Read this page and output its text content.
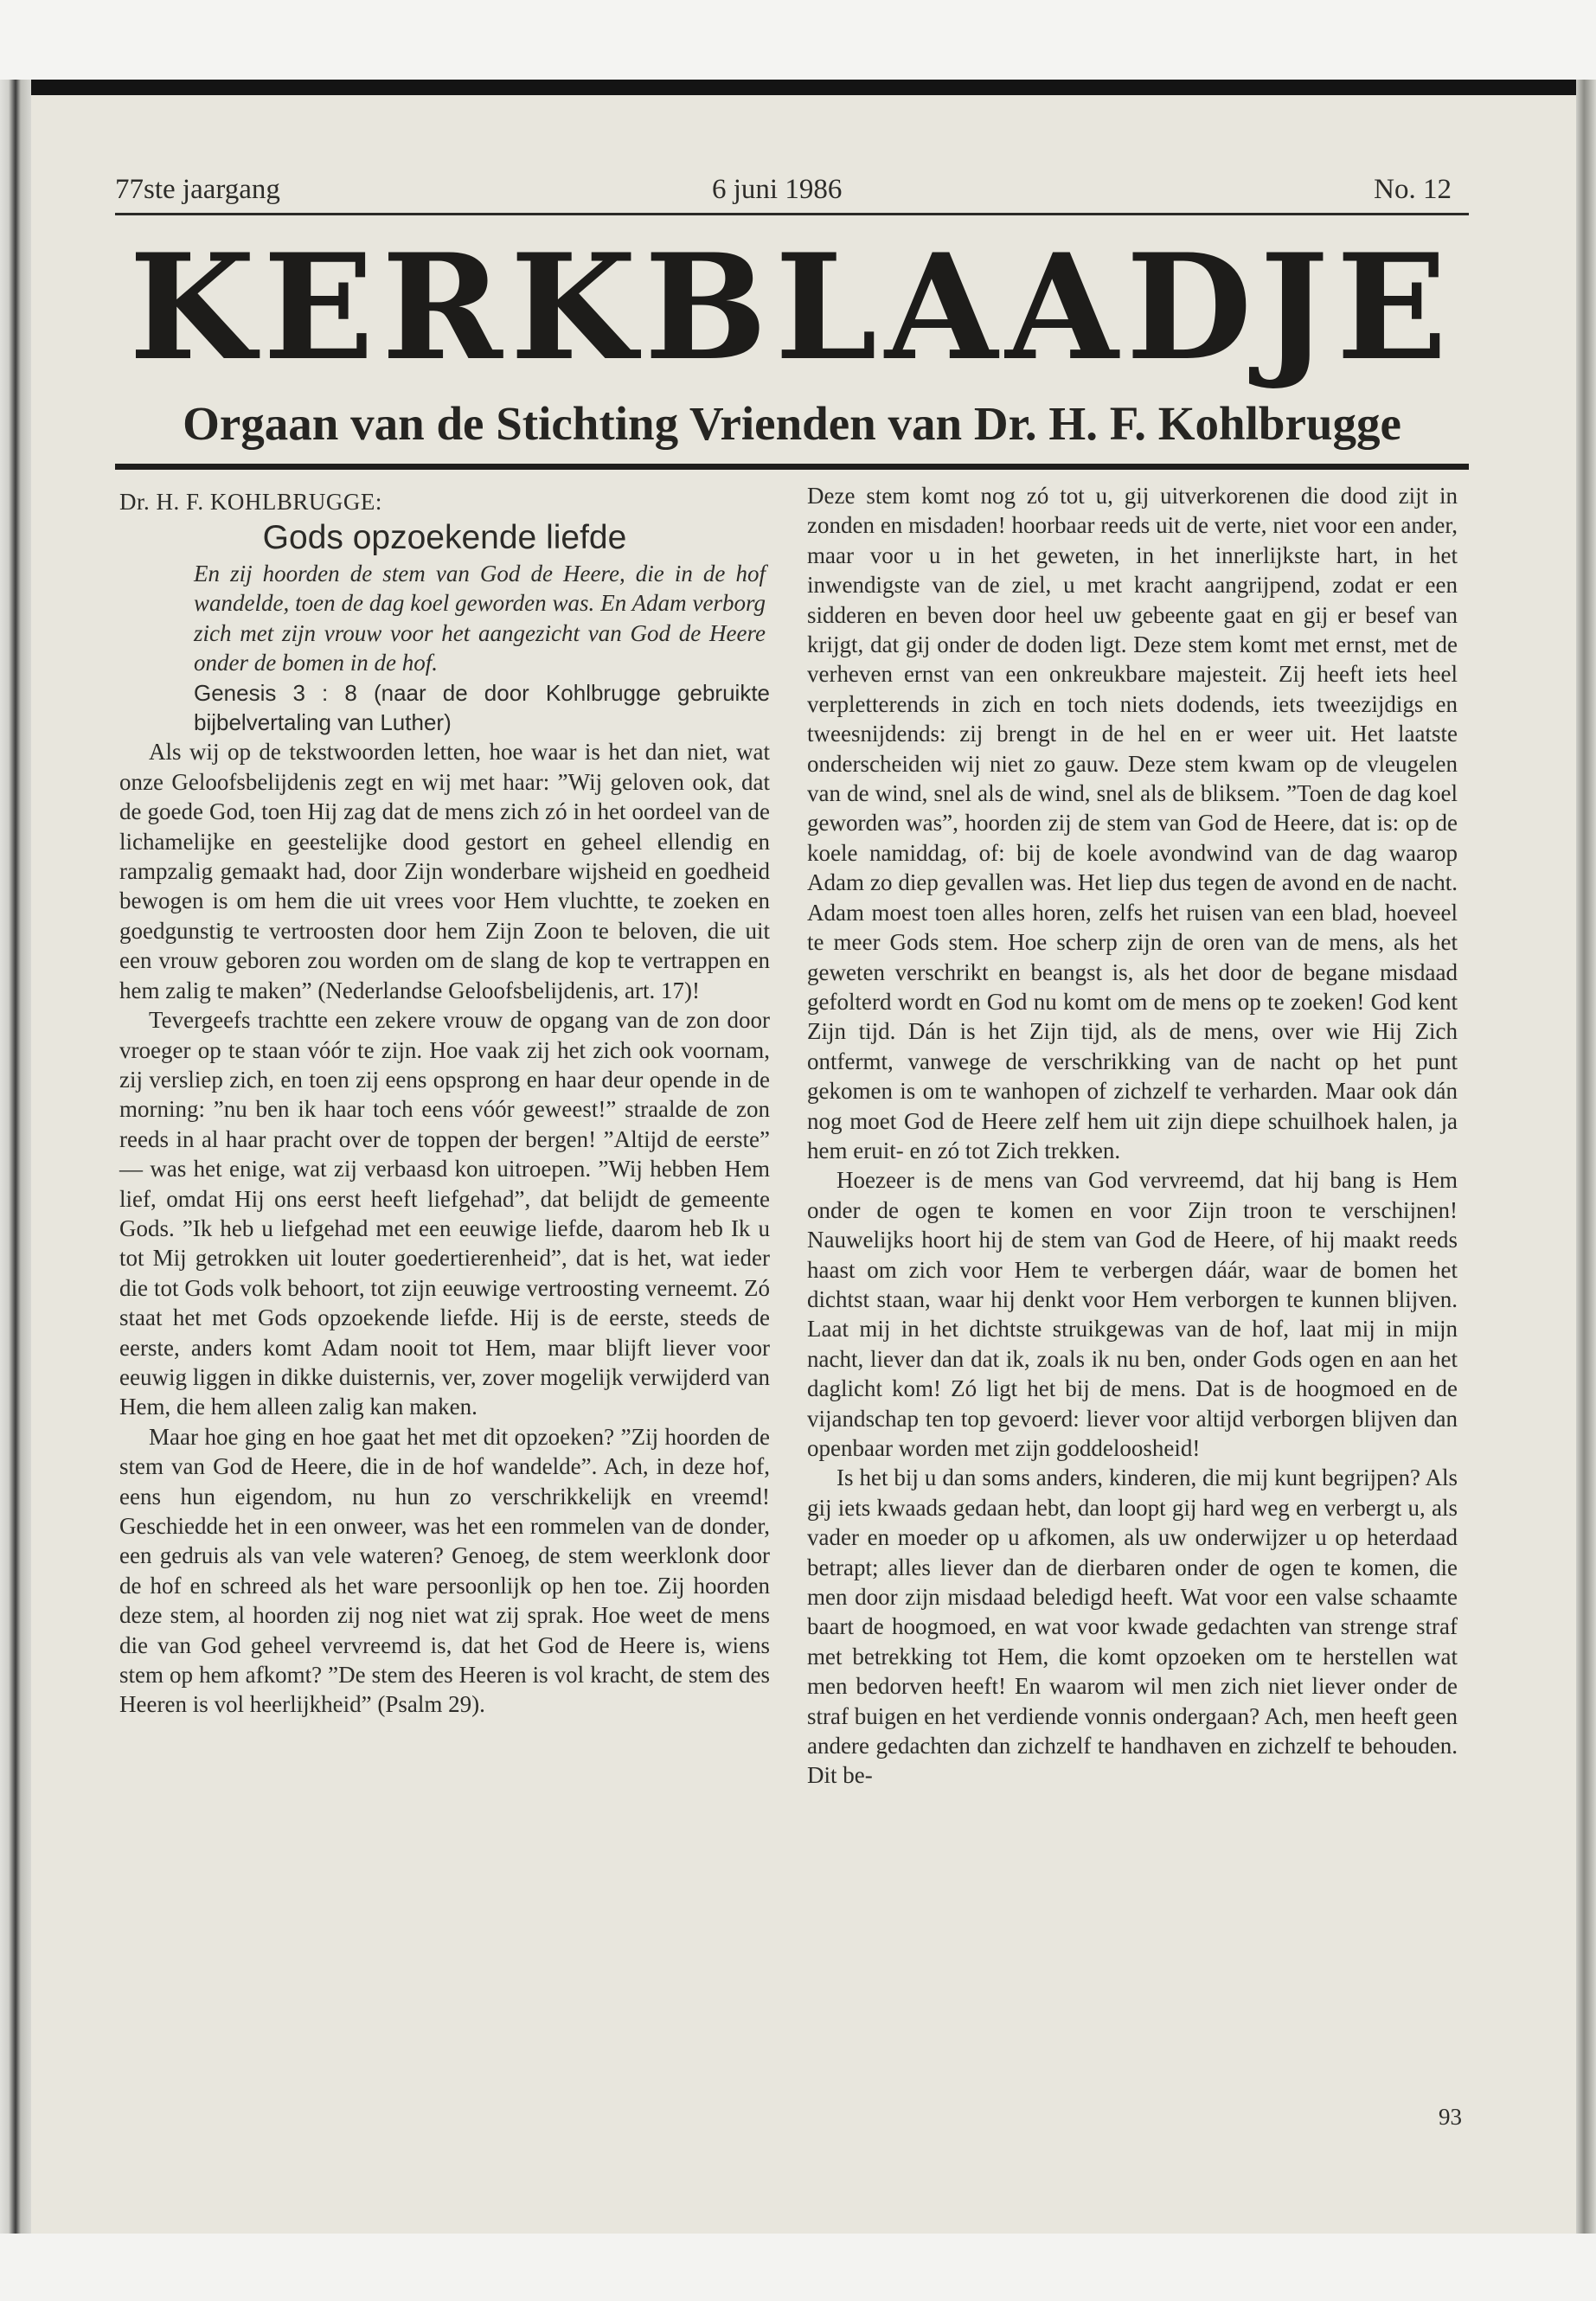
77ste jaargang	6 juni 1986	No. 12
KERKBLAADJE
Orgaan van de Stichting Vrienden van Dr. H. F. Kohlbrugge

Dr. H. F. KOHLBRUGGE:

Gods opzoekende liefde

En zij hoorden de stem van God de Heere, die in de hof wandelde, toen de dag koel geworden was. En Adam verborg zich met zijn vrouw voor het aangezicht van God de Heere onder de bomen in de hof.

Genesis 3 : 8 (naar de door Kohlbrugge gebruikte bijbelvertaling van Luther)

Als wij op de tekstwoorden letten, hoe waar is het dan niet, wat onze Geloofsbelijdenis zegt en wij met haar: ”Wij geloven ook, dat de goede God, toen Hij zag dat de mens zich zó in het oordeel van de lichamelijke en geestelijke dood gestort en geheel ellendig en rampzalig gemaakt had, door Zijn wonderbare wijsheid en goedheid bewogen is om hem die uit vrees voor Hem vluchtte, te zoeken en goedgunstig te vertroosten door hem Zijn Zoon te beloven, die uit een vrouw geboren zou worden om de slang de kop te vertrappen en hem zalig te maken” (Nederlandse Geloofsbelijdenis, art. 17)!

Tevergeefs trachtte een zekere vrouw de opgang van de zon door vroeger op te staan vóór te zijn. Hoe vaak zij het zich ook voornam, zij versliep zich, en toen zij eens opsprong en haar deur opende in de morning: ”nu ben ik haar toch eens vóór geweest!” straalde de zon reeds in al haar pracht over de toppen der bergen! ”Altijd de eerste” — was het enige, wat zij verbaasd kon uitroepen. ”Wij hebben Hem lief, omdat Hij ons eerst heeft liefgehad”, dat belijdt de gemeente Gods. ”Ik heb u liefgehad met een eeuwige liefde, daarom heb Ik u tot Mij getrokken uit louter goedertierenheid”, dat is het, wat ieder die tot Gods volk behoort, tot zijn eeuwige vertroosting verneemt. Zó staat het met Gods opzoekende liefde. Hij is de eerste, steeds de eerste, anders komt Adam nooit tot Hem, maar blijft liever voor eeuwig liggen in dikke duisternis, ver, zover mogelijk verwijderd van Hem, die hem alleen zalig kan maken.

Maar hoe ging en hoe gaat het met dit opzoeken? ”Zij hoorden de stem van God de Heere, die in de hof wandelde”. Ach, in deze hof, eens hun eigendom, nu hun zo verschrikkelijk en vreemd! Geschiedde het in een onweer, was het een rommelen van de donder, een gedruis als van vele wateren? Genoeg, de stem weerklonk door de hof en schreed als het ware persoonlijk op hen toe. Zij hoorden deze stem, al hoorden zij nog niet wat zij sprak. Hoe weet de mens die van God geheel vervreemd is, dat het God de Heere is, wiens stem op hem afkomt? ”De stem des Heeren is vol kracht, de stem des Heeren is vol heerlijkheid” (Psalm 29).

Deze stem komt nog zó tot u, gij uitverkorenen die dood zijt in zonden en misdaden! hoorbaar reeds uit de verte, niet voor een ander, maar voor u in het geweten, in het innerlijkste hart, in het inwendigste van de ziel, u met kracht aangrijpend, zodat er een sidderen en beven door heel uw gebeente gaat en gij er besef van krijgt, dat gij onder de doden ligt. Deze stem komt met ernst, met de verheven ernst van een onkreukbare majesteit. Zij heeft iets heel verpletterends in zich en toch niets dodends, iets tweezijdigs en tweesnijdends: zij brengt in de hel en er weer uit. Het laatste onderscheiden wij niet zo gauw. Deze stem kwam op de vleugelen van de wind, snel als de wind, snel als de bliksem. ”Toen de dag koel geworden was”, hoorden zij de stem van God de Heere, dat is: op de koele namiddag, of: bij de koele avondwind van de dag waarop Adam zo diep gevallen was. Het liep dus tegen de avond en de nacht. Adam moest toen alles horen, zelfs het ruisen van een blad, hoeveel te meer Gods stem. Hoe scherp zijn de oren van de mens, als het geweten verschrikt en beangst is, als het door de begane misdaad gefolterd wordt en God nu komt om de mens op te zoeken! God kent Zijn tijd. Dán is het Zijn tijd, als de mens, over wie Hij Zich ontfermt, vanwege de verschrikking van de nacht op het punt gekomen is om te wanhopen of zichzelf te verharden. Maar ook dán nog moet God de Heere zelf hem uit zijn diepe schuilhoek halen, ja hem eruit- en zó tot Zich trekken.

Hoezeer is de mens van God vervreemd, dat hij bang is Hem onder de ogen te komen en voor Zijn troon te verschijnen! Nauwelijks hoort hij de stem van God de Heere, of hij maakt reeds haast om zich voor Hem te verbergen dáár, waar de bomen het dichtst staan, waar hij denkt voor Hem verborgen te kunnen blijven. Laat mij in het dichtste struikgewas van de hof, laat mij in mijn nacht, liever dan dat ik, zoals ik nu ben, onder Gods ogen en aan het daglicht kom! Zó ligt het bij de mens. Dat is de hoogmoed en de vijandschap ten top gevoerd: liever voor altijd verborgen blijven dan openbaar worden met zijn goddeloosheid!

Is het bij u dan soms anders, kinderen, die mij kunt begrijpen? Als gij iets kwaads gedaan hebt, dan loopt gij hard weg en verbergt u, als vader en moeder op u afkomen, als uw onderwijzer u op heterdaad betrapt; alles liever dan de dierbaren onder de ogen te komen, die men door zijn misdaad beledigd heeft. Wat voor een valse schaamte baart de hoogmoed, en wat voor kwade gedachten van strenge straf met betrekking tot Hem, die komt opzoeken om te herstellen wat men bedorven heeft! En waarom wil men zich niet liever onder de straf buigen en het verdiende vonnis ondergaan? Ach, men heeft geen andere gedachten dan zichzelf te handhaven en zichzelf te behouden. Dit be-

93
